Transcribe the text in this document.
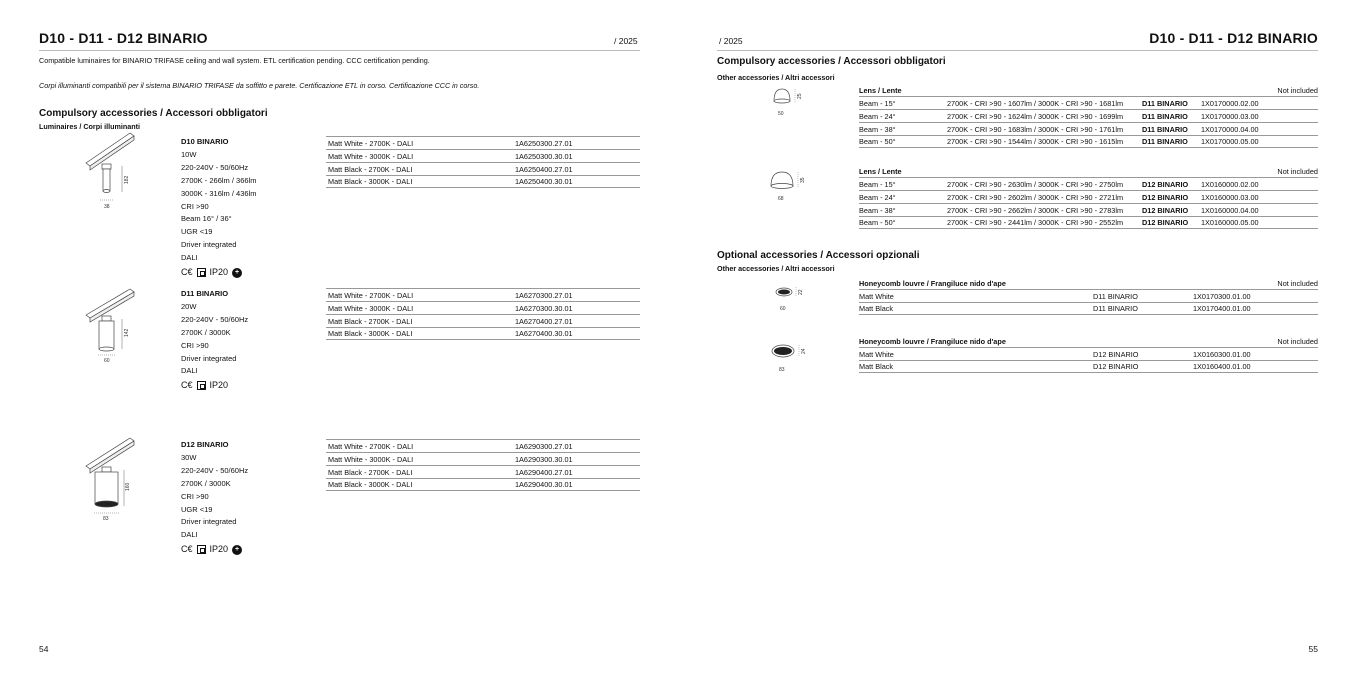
D10 - D11 - D12 BINARIO	/ 2025
Compatible luminaires for BINARIO TRIFASE ceiling and wall system. ETL certification pending. CCC certification pending.
Corpi illuminanti compatibili per il sistema BINARIO TRIFASE da soffitto e parete. Certificazione ETL in corso. Certificazione CCC in corso.
Compulsory accessories / Accessori obbligatori
Luminaires / Corpi illuminanti
182
38
D10 BINARIO
10W
220-240V - 50/60Hz
2700K - 266lm / 366lm
3000K - 316lm / 436lm
CRI >90
Beam 16° / 36°
UGR <19
Driver integrated
DALI
C€ IP20 +
Matt White - 2700K - DALI	1A6250300.27.01
Matt White - 3000K - DALI	1A6250300.30.01
Matt Black - 2700K - DALI	1A6250400.27.01
Matt Black - 3000K - DALI	1A6250400.30.01
142
60
D11 BINARIO
20W
220-240V - 50/60Hz
2700K / 3000K
CRI >90
Driver integrated
DALI
C€ IP20
Matt White - 2700K - DALI	1A6270300.27.01
Matt White - 3000K - DALI	1A6270300.30.01
Matt Black - 2700K - DALI	1A6270400.27.01
Matt Black - 3000K - DALI	1A6270400.30.01
160
83
D12 BINARIO
30W
220-240V - 50/60Hz
2700K / 3000K
CRI >90
UGR <19
Driver integrated
DALI
C€ IP20 +
Matt White - 2700K - DALI	1A6290300.27.01
Matt White - 3000K - DALI	1A6290300.30.01
Matt Black - 2700K - DALI	1A6290400.27.01
Matt Black - 3000K - DALI	1A6290400.30.01
54
/ 2025	D10 - D11 - D12 BINARIO
Compulsory accessories / Accessori obbligatori
Other accessories / Altri accessori
25
50
Lens / Lente	Not included
Beam - 15°	2700K - CRI >90 - 1607lm / 3000K - CRI >90 - 1681lm	D11 BINARIO	1X0170000.02.00
Beam - 24°	2700K - CRI >90 - 1624lm / 3000K - CRI >90 - 1699lm	D11 BINARIO	1X0170000.03.00
Beam - 38°	2700K - CRI >90 - 1683lm / 3000K - CRI >90 - 1761lm	D11 BINARIO	1X0170000.04.00
Beam - 50°	2700K - CRI >90 - 1544lm / 3000K - CRI >90 - 1615lm	D11 BINARIO	1X0170000.05.00
35
68
Lens / Lente	Not included
Beam - 15°	2700K - CRI >90 - 2630lm / 3000K - CRI >90 - 2750lm	D12 BINARIO	1X0160000.02.00
Beam - 24°	2700K - CRI >90 - 2602lm / 3000K - CRI >90 - 2721lm	D12 BINARIO	1X0160000.03.00
Beam - 38°	2700K - CRI >90 - 2662lm / 3000K - CRI >90 - 2783lm	D12 BINARIO	1X0160000.04.00
Beam - 50°	2700K - CRI >90 - 2441lm / 3000K - CRI >90 - 2552lm	D12 BINARIO	1X0160000.05.00
Optional accessories / Accessori opzionali
Other accessories / Altri accessori
22
60
Honeycomb louvre / Frangiluce nido d'ape	Not included
Matt White	D11 BINARIO	1X0170300.01.00
Matt Black	D11 BINARIO	1X0170400.01.00
24
83
Honeycomb louvre / Frangiluce nido d'ape	Not included
Matt White	D12 BINARIO	1X0160300.01.00
Matt Black	D12 BINARIO	1X0160400.01.00
55
